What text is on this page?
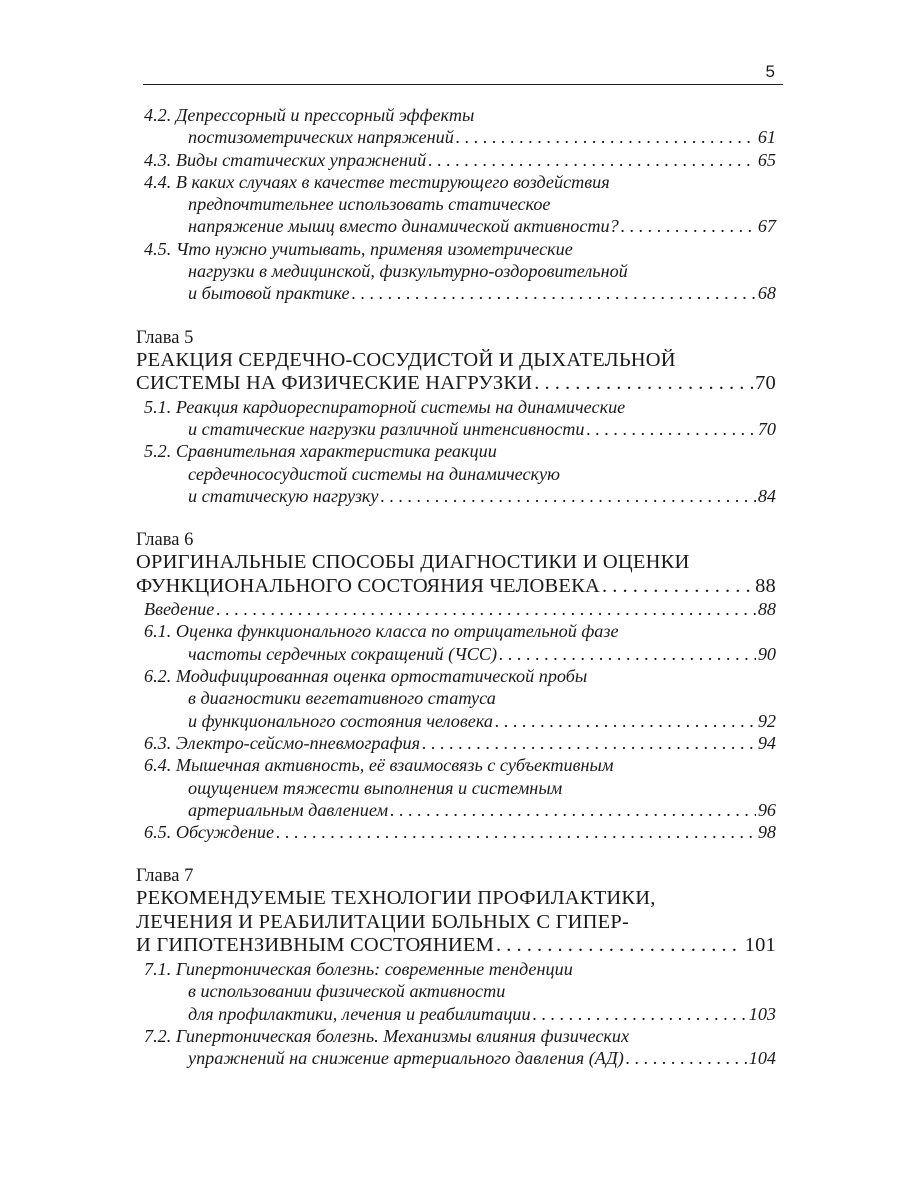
5
4.2. Депрессорный и прессорный эффекты
постизометрических напряжений . . .	61
4.3. Виды статических упражнений . . .	65
4.4. В каких случаях в качестве тестирующего воздействия
предпочтительнее использовать статическое
напряжение мышц вместо динамической активности? . . .	67
4.5. Что нужно учитывать, применяя изометрические
нагрузки в медицинской, физкультурно-оздоровительной
и бытовой практике . . .	68
Глава 5
РЕАКЦИЯ СЕРДЕЧНО-СОСУДИСТОЙ И ДЫХАТЕЛЬНОЙ
СИСТЕМЫ НА ФИЗИЧЕСКИЕ НАГРУЗКИ . . .	70
5.1. Реакция кардиореспираторной системы на динамические
и статические нагрузки различной интенсивности . . .	70
5.2. Сравнительная характеристика реакции
сердечнососудистой системы на динамическую
и статическую нагрузку . . .	84
Глава 6
ОРИГИНАЛЬНЫЕ СПОСОБЫ ДИАГНОСТИКИ И ОЦЕНКИ
ФУНКЦИОНАЛЬНОГО СОСТОЯНИЯ ЧЕЛОВЕКА . . .	88
Введение . . .	88
6.1. Оценка функционального класса по отрицательной фазе
частоты сердечных сокращений (ЧСС) . . .	90
6.2. Модифицированная оценка ортостатической пробы
в диагностики вегетативного статуса
и функционального состояния человека . . .	92
6.3. Электро-сейсмо-пневмография . . .	94
6.4. Мышечная активность, её взаимосвязь с субъективным
ощущением тяжести выполнения и системным
артериальным давлением . . .	96
6.5. Обсуждение . . .	98
Глава 7
РЕКОМЕНДУЕМЫЕ ТЕХНОЛОГИИ ПРОФИЛАКТИКИ,
ЛЕЧЕНИЯ И РЕАБИЛИТАЦИИ БОЛЬНЫХ С ГИПЕР-
И ГИПОТЕНЗИВНЫМ СОСТОЯНИЕМ . . .	101
7.1. Гипертоническая болезнь: современные тенденции
в использовании физической активности
для профилактики, лечения и реабилитации . . .	103
7.2. Гипертоническая болезнь. Механизмы влияния физических
упражнений на снижение артериального давления (АД) . . .	104
